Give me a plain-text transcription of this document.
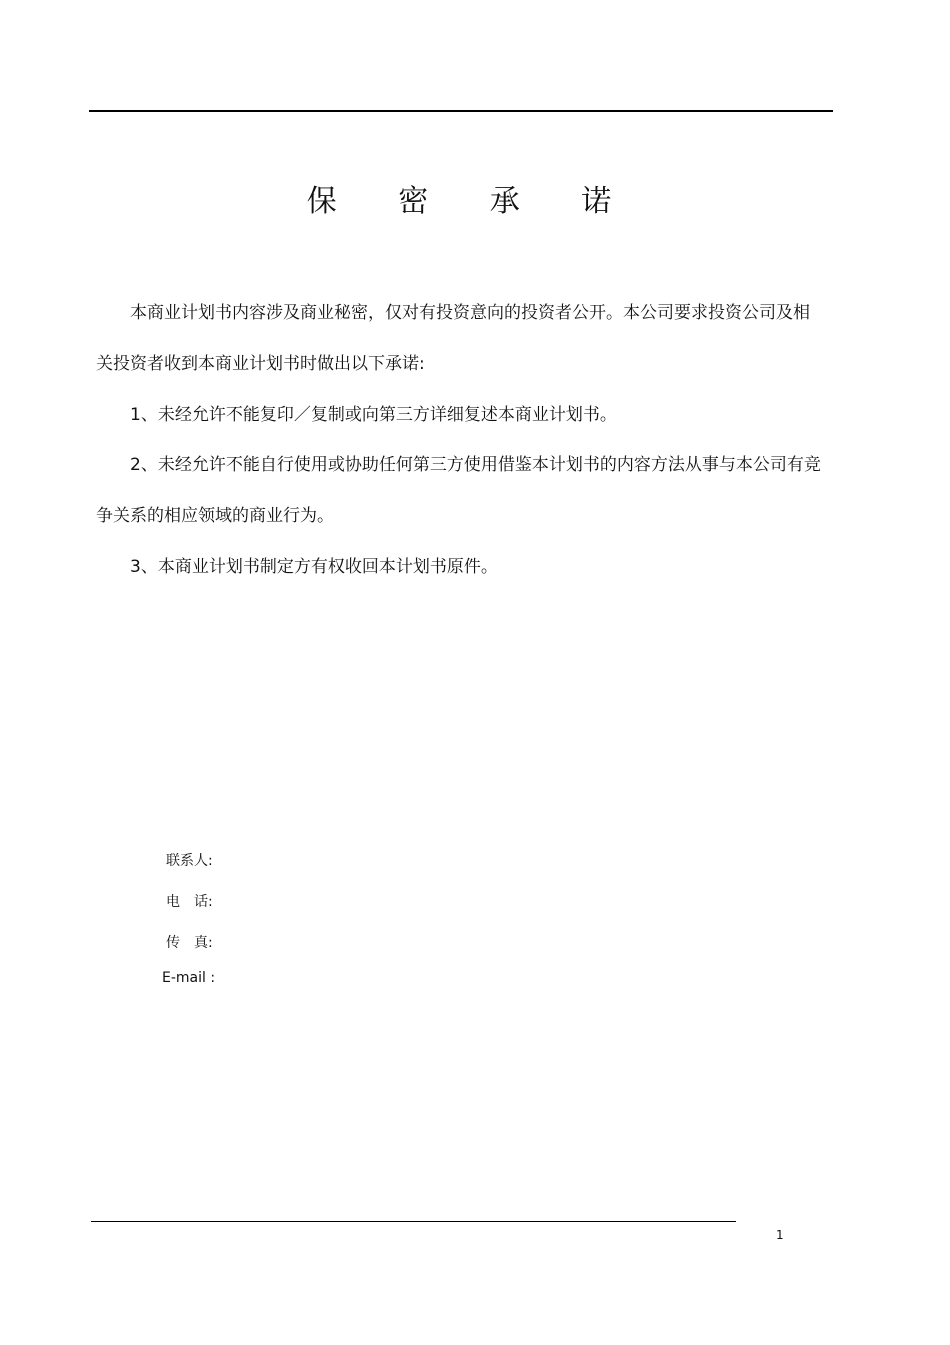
保 密 承 诺

本商业计划书内容涉及商业秘密，仅对有投资意向的投资者公开。本公司要求投资公司及相关投资者收到本商业计划书时做出以下承诺:

1、未经允许不能复印／复制或向第三方详细复述本商业计划书。

2、未经允许不能自行使用或协助任何第三方使用借鉴本计划书的内容方法从事与本公司有竞争关系的相应领域的商业行为。

3、本商业计划书制定方有权收回本计划书原件。

联系人:
电　话:
传　真:
E-mail :
1
